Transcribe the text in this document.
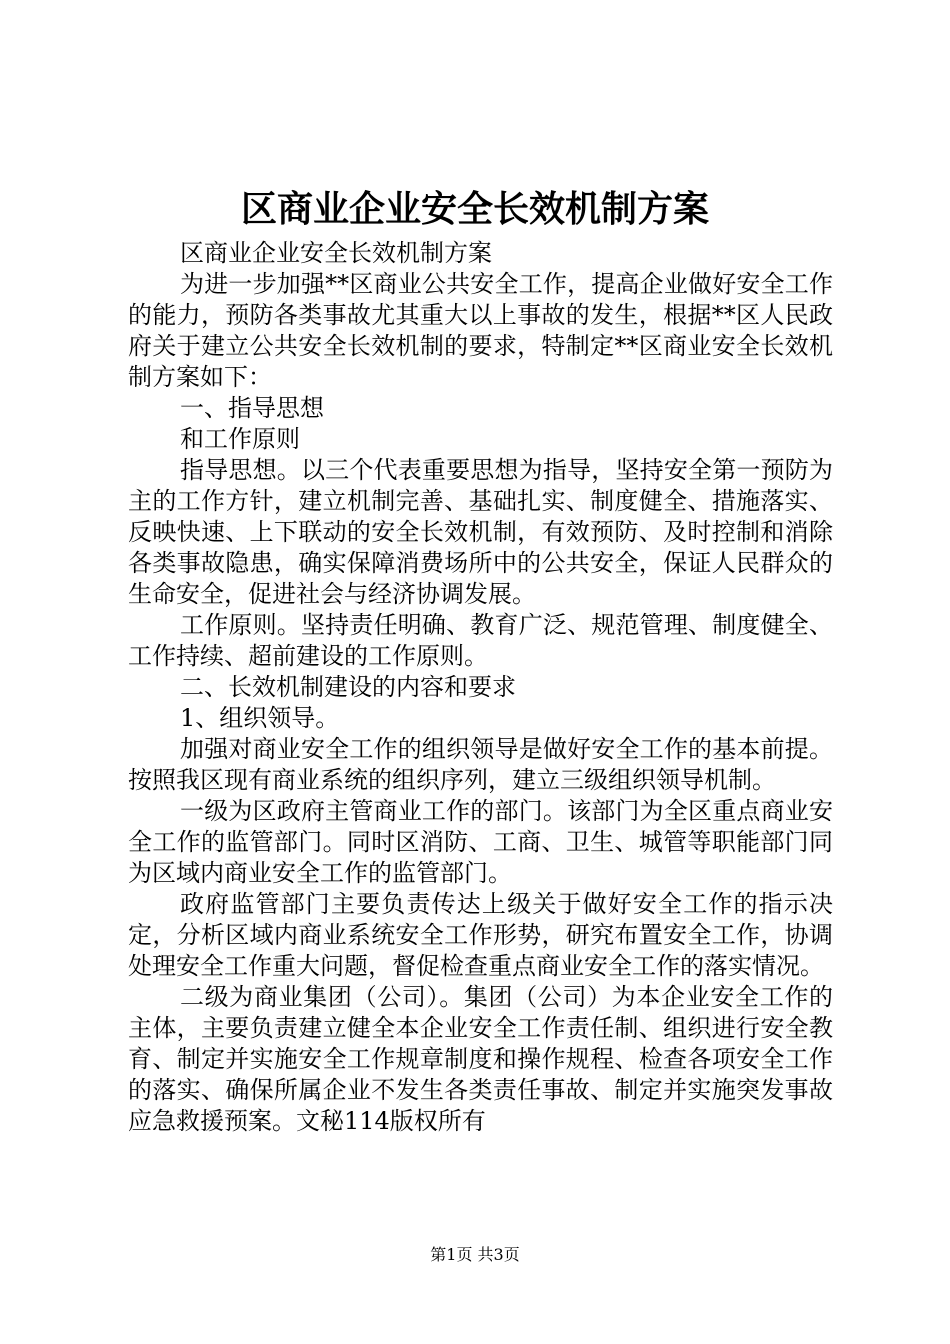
区商业企业安全长效机制方案

区商业企业安全长效机制方案

为进一步加强**区商业公共安全工作，提高企业做好安全工作的能力，预防各类事故尤其重大以上事故的发生，根据**区人民政府关于建立公共安全长效机制的要求，特制定**区商业安全长效机制方案如下：

一、指导思想

和工作原则

指导思想。以三个代表重要思想为指导，坚持安全第一预防为主的工作方针，建立机制完善、基础扎实、制度健全、措施落实、反映快速、上下联动的安全长效机制，有效预防、及时控制和消除各类事故隐患，确实保障消费场所中的公共安全，保证人民群众的生命安全，促进社会与经济协调发展。

工作原则。坚持责任明确、教育广泛、规范管理、制度健全、工作持续、超前建设的工作原则。

二、长效机制建设的内容和要求

1、组织领导。

加强对商业安全工作的组织领导是做好安全工作的基本前提。按照我区现有商业系统的组织序列，建立三级组织领导机制。

一级为区政府主管商业工作的部门。该部门为全区重点商业安全工作的监管部门。同时区消防、工商、卫生、城管等职能部门同为区域内商业安全工作的监管部门。

政府监管部门主要负责传达上级关于做好安全工作的指示决定，分析区域内商业系统安全工作形势，研究布置安全工作，协调处理安全工作重大问题，督促检查重点商业安全工作的落实情况。

二级为商业集团（公司）。集团（公司）为本企业安全工作的主体，主要负责建立健全本企业安全工作责任制、组织进行安全教育、制定并实施安全工作规章制度和操作规程、检查各项安全工作的落实、确保所属企业不发生各类责任事故、制定并实施突发事故应急救援预案。文秘114版权所有

第1页 共3页
